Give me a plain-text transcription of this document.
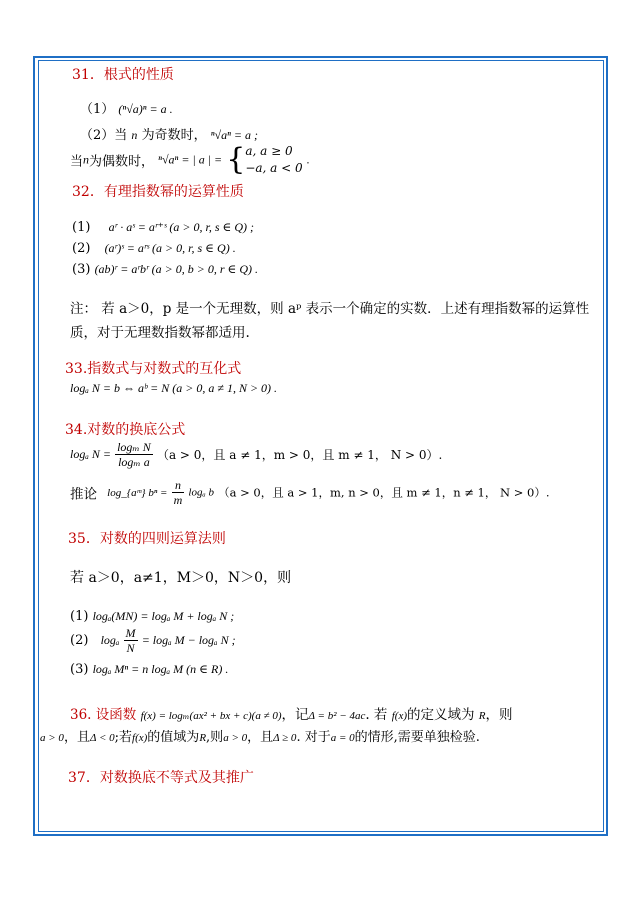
31．根式的性质
（1） (ⁿ√a)ⁿ = a .
（2）当 n 为奇数时， ⁿ√aⁿ = a ;
当n为偶数时， ⁿ√aⁿ = | a | = { a, a ≥ 0
−a, a < 0
.
32．有理指数幂的运算性质
(1) aʳ · aˢ = aʳ⁺ˢ (a > 0, r, s ∈ Q) ;
(2) (aʳ)ˢ = aʳˢ (a > 0, r, s ∈ Q) .
(3) (ab)ʳ = aʳbʳ (a > 0, b > 0, r ∈ Q) .
注： 若 a＞0，p 是一个无理数，则 aᵖ 表示一个确定的实数．上述有理指数幂的运算性质，对于无理数指数幂都适用.
33.指数式与对数式的互化式
logₐ N = b ⇔ aᵇ = N (a > 0, a ≠ 1, N > 0) .
34.对数的换底公式
logₐ $N = \frac{\text{logₘ N}}{\text{logₘ a}} (a > 0$，且 a ≠ 1，m > 0，且 m ≠ 1， N > 0）.
推论 log_{aᵐ} $b^n = \frac{n}{m}$ logₐ b （a > 0，且 a > 1，m, n > 0，且 m ≠ 1，n ≠ 1， N > 0）.
35．对数的四则运算法则
若 a＞0，a≠1，M＞0，N＞0，则
(1) logₐ(MN) = logₐ M + logₐ N ;
(2) logₐ $\frac{M}{N} = \log_a$ M − logₐ N ;
(3) logₐ Mⁿ = n logₐ M (n ∈ R) .
36. 设函数 f(x) = logₘ(ax² + bx + c)(a ≠ 0)，记Δ = b² − 4ac. 若 f(x)的定义域为 R，则
a > 0，且Δ < 0;若f(x)的值域为R,则a > 0，且Δ ≥ 0. 对于a = 0的情形,需要单独检验.
37．对数换底不等式及其推广
